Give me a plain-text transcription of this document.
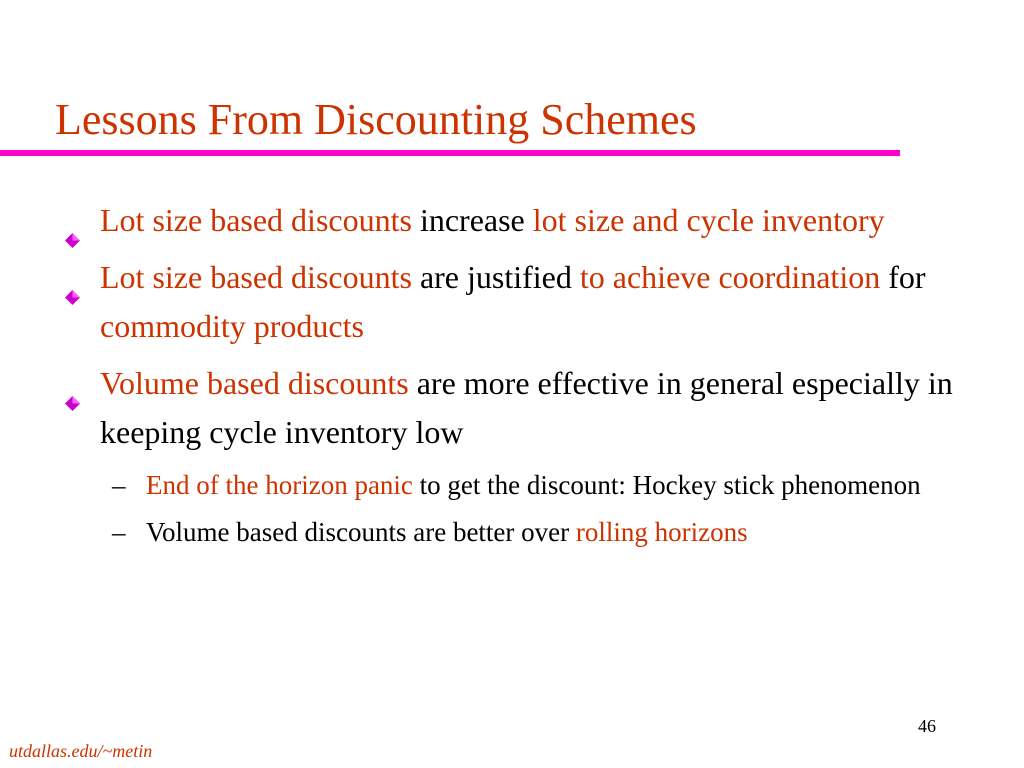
Lessons From Discounting Schemes
Lot size based discounts increase lot size and cycle inventory
Lot size based discounts are justified to achieve coordination for commodity products
Volume based discounts are more effective in general especially in keeping cycle inventory low
– End of the horizon panic to get the discount: Hockey stick phenomenon
– Volume based discounts are better over rolling horizons
46
utdallas.edu/~metin
